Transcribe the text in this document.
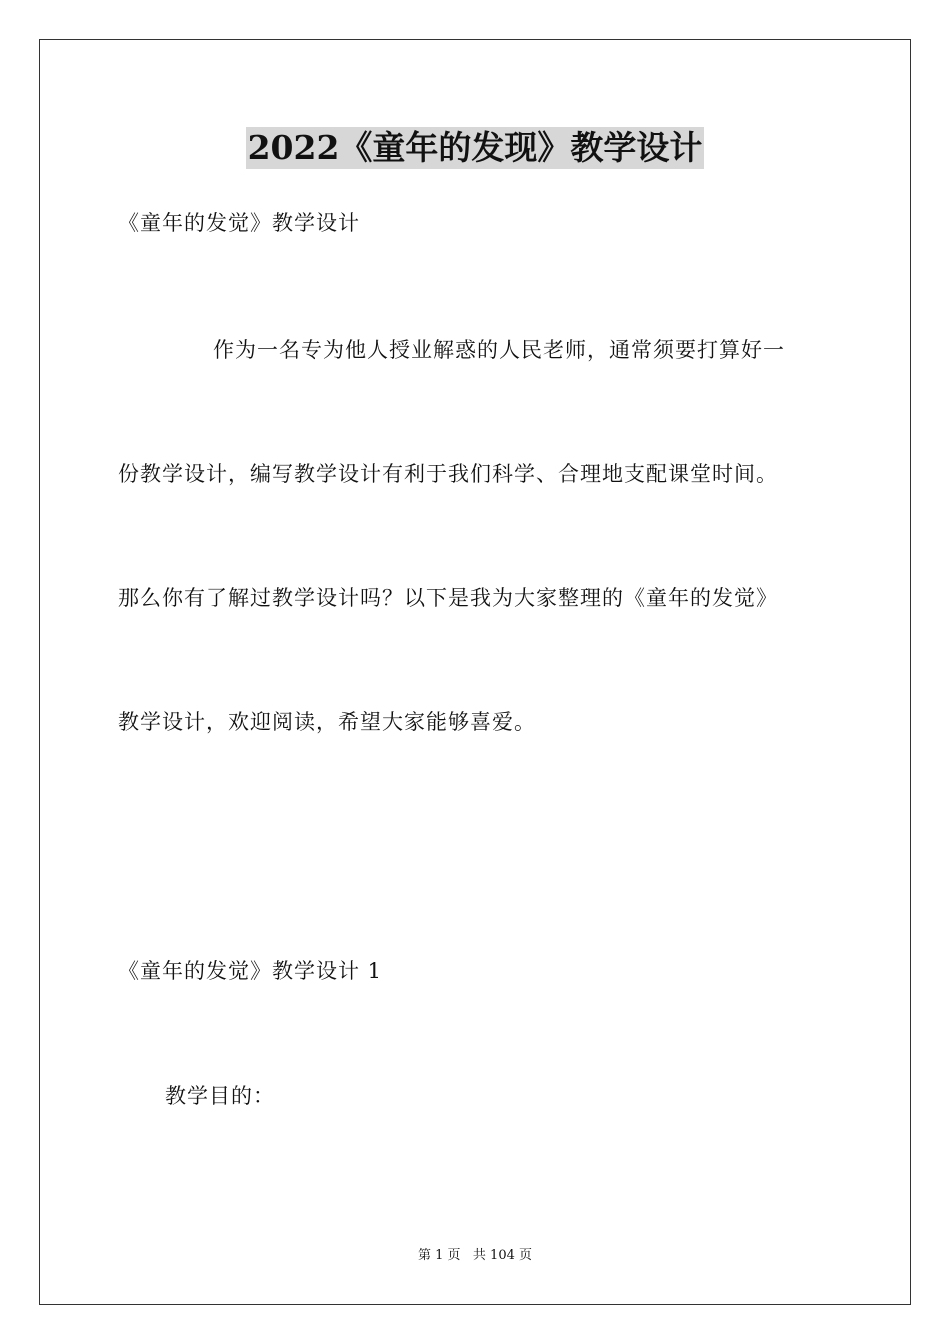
2022《童年的发现》教学设计
《童年的发觉》教学设计
作为一名专为他人授业解惑的人民老师，通常须要打算好一
份教学设计，编写教学设计有利于我们科学、合理地支配课堂时间。
那么你有了解过教学设计吗？以下是我为大家整理的《童年的发觉》
教学设计，欢迎阅读，希望大家能够喜爱。
《童年的发觉》教学设计 1
教学目的：
第 1 页   共 104 页
